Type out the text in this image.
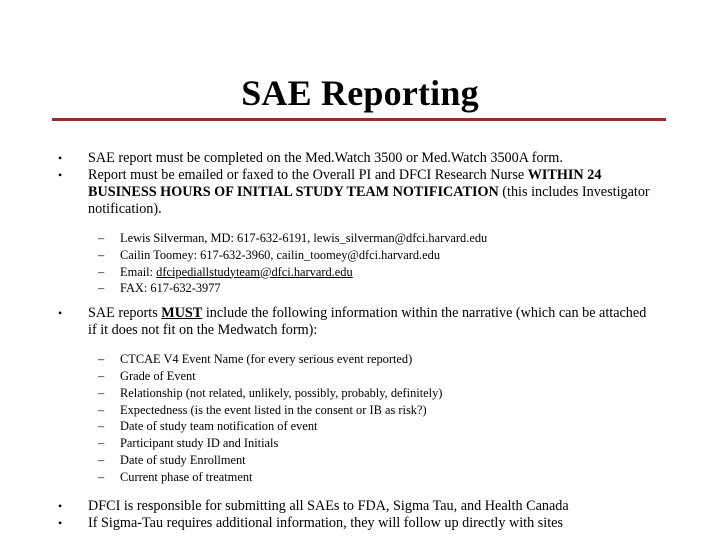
SAE Reporting
• SAE report must be completed on the Med.Watch 3500 or Med.Watch 3500A form.
• Report must be emailed or faxed to the Overall PI and DFCI Research Nurse WITHIN 24 BUSINESS HOURS OF INITIAL STUDY TEAM NOTIFICATION (this includes Investigator notification).
– Lewis Silverman, MD: 617-632-6191, lewis_silverman@dfci.harvard.edu
– Cailin Toomey: 617-632-3960, cailin_toomey@dfci.harvard.edu
– Email: dfcipediallstudyteam@dfci.harvard.edu
– FAX: 617-632-3977
• SAE reports MUST include the following information within the narrative (which can be attached if it does not fit on the Medwatch form):
– CTCAE V4 Event Name (for every serious event reported)
– Grade of Event
– Relationship (not related, unlikely, possibly, probably, definitely)
– Expectedness (is the event listed in the consent or IB as risk?)
– Date of study team notification of event
– Participant study ID and Initials
– Date of study Enrollment
– Current phase of treatment
• DFCI is responsible for submitting all SAEs to FDA, Sigma Tau, and Health Canada
• If Sigma-Tau requires additional information, they will follow up directly with sites
